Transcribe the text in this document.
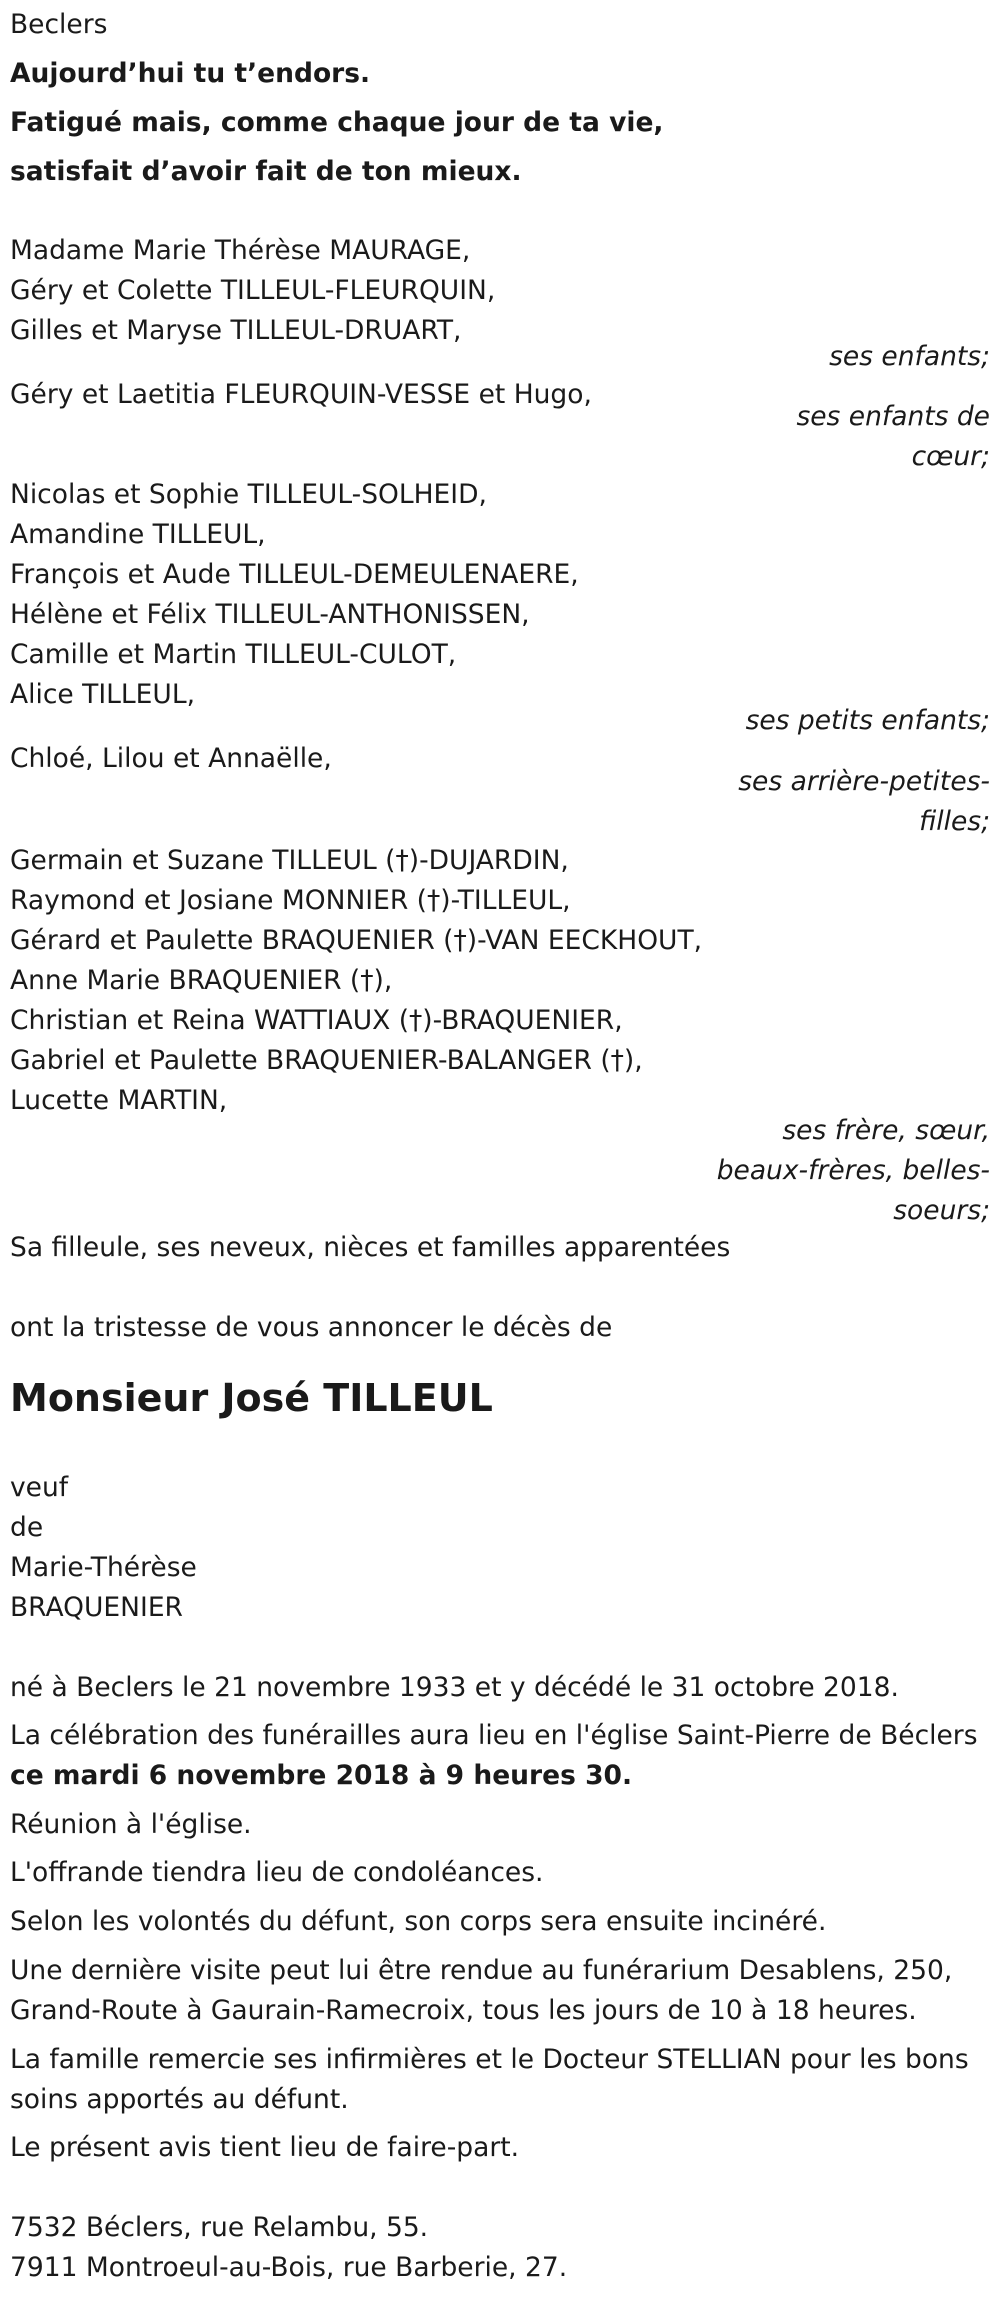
Beclers
Aujourd’hui tu t’endors.
Fatigué mais, comme chaque jour de ta vie,
satisfait d’avoir fait de ton mieux.
Madame Marie Thérèse MAURAGE,
Géry et Colette TILLEUL-FLEURQUIN,
Gilles et Maryse TILLEUL-DRUART,
ses enfants;
Géry et Laetitia FLEURQUIN-VESSE et Hugo,
ses enfants de
cœur;
Nicolas et Sophie TILLEUL-SOLHEID,
Amandine TILLEUL,
François et Aude TILLEUL-DEMEULENAERE,
Hélène et Félix TILLEUL-ANTHONISSEN,
Camille et Martin TILLEUL-CULOT,
Alice TILLEUL,
ses petits enfants;
Chloé, Lilou et Annaëlle,
ses arrière-petites-
filles;
Germain et Suzane TILLEUL (†)-DUJARDIN,
Raymond et Josiane MONNIER (†)-TILLEUL,
Gérard et Paulette BRAQUENIER (†)-VAN EECKHOUT,
Anne Marie BRAQUENIER (†),
Christian et Reina WATTIAUX (†)-BRAQUENIER,
Gabriel et Paulette BRAQUENIER-BALANGER (†),
Lucette MARTIN,
ses frère, sœur,
beaux-frères, belles-
soeurs;
Sa filleule, ses neveux, nièces et familles apparentées
ont la tristesse de vous annoncer le décès de
Monsieur José TILLEUL
veuf
de
Marie-Thérèse
BRAQUENIER
né à Beclers le 21 novembre 1933 et y décédé le 31 octobre 2018.
La célébration des funérailles aura lieu en l'église Saint-Pierre de Béclers
ce mardi 6 novembre 2018 à 9 heures 30.
Réunion à l'église.
L'offrande tiendra lieu de condoléances.
Selon les volontés du défunt, son corps sera ensuite inciné​ré.
Une dernière visite peut lui être rendue au funérarium Desablens, 250,
Grand-Route à Gaurain-Ramecroix, tous les jours de 10 à 18 heures.
La famille remercie ses infirmières et le Docteur STELLIAN pour les bons
soins apportés au défunt.
Le présent avis tient lieu de faire-part.
7532 Béclers, rue Relambu, 55.
7911 Montroeul-au-Bois, rue Barberie, 27.
